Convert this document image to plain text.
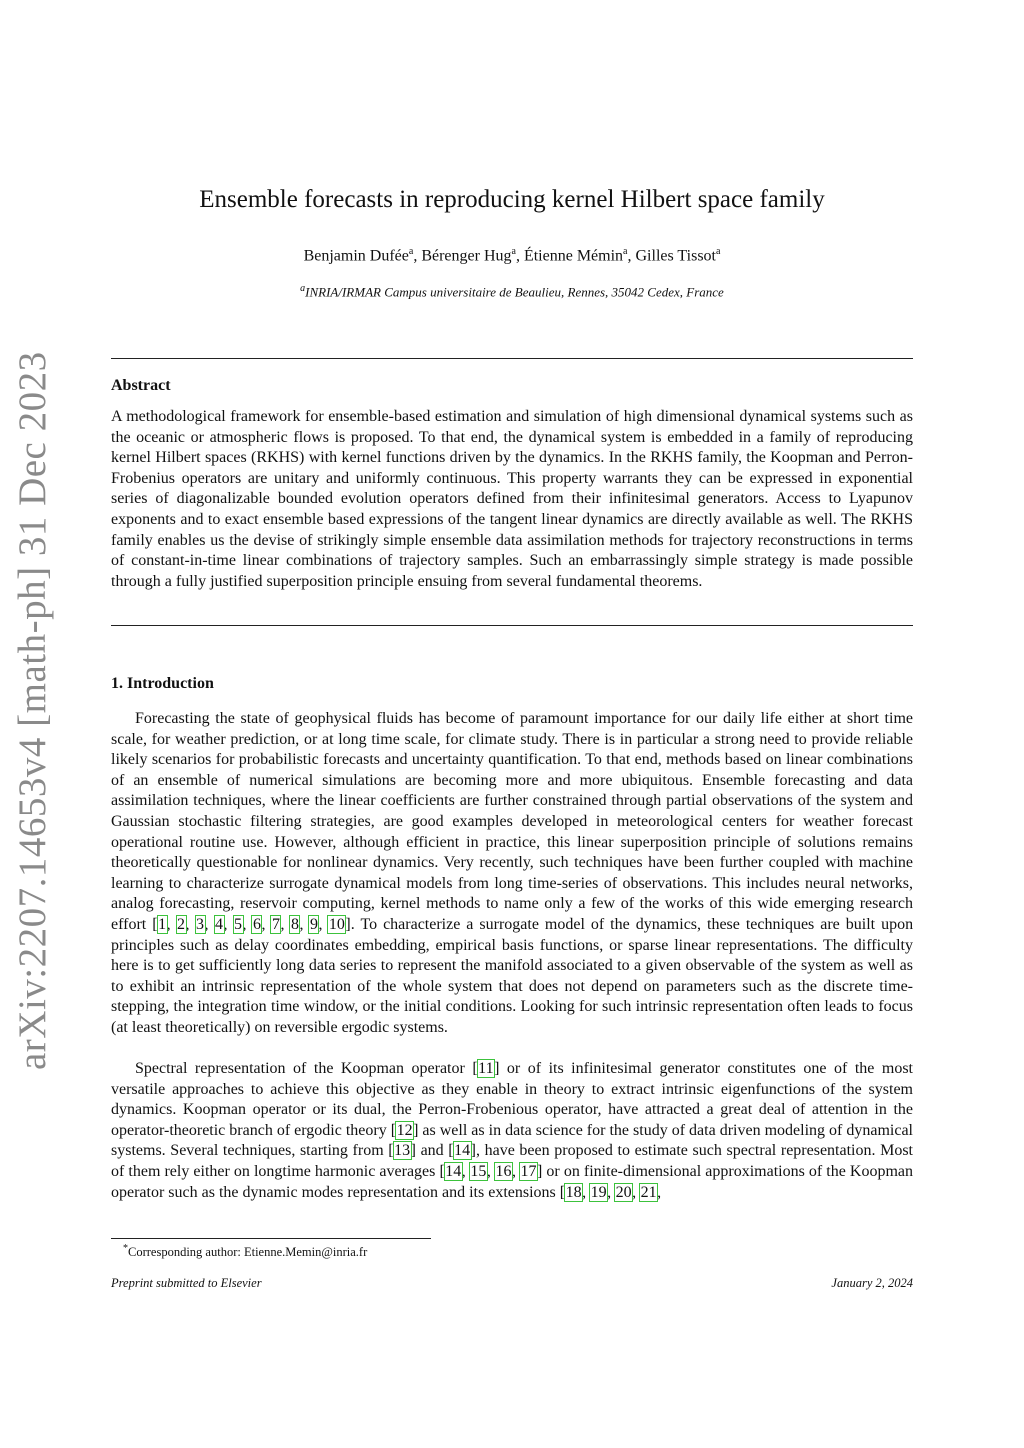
arXiv:2207.14653v4 [math-ph] 31 Dec 2023
Ensemble forecasts in reproducing kernel Hilbert space family
Benjamin Dufée$^a$, Bérenger Hug$^a$, Étienne Mémin$^a$, Gilles Tissot$^a$
$^a$INRIA/IRMAR Campus universitaire de Beaulieu, Rennes, 35042 Cedex, France
Abstract

A methodological framework for ensemble-based estimation and simulation of high dimensional dynamical systems such as the oceanic or atmospheric flows is proposed. To that end, the dynamical system is embedded in a family of reproducing kernel Hilbert spaces (RKHS) with kernel functions driven by the dynamics. In the RKHS family, the Koopman and Perron-Frobenius operators are unitary and uniformly continuous. This property warrants they can be expressed in exponential series of diagonalizable bounded evolution operators defined from their infinitesimal generators. Access to Lyapunov exponents and to exact ensemble based expressions of the tangent linear dynamics are directly available as well. The RKHS family enables us the devise of strikingly simple ensemble data assimilation methods for trajectory reconstructions in terms of constant-in-time linear combinations of trajectory samples. Such an embarrassingly simple strategy is made possible through a fully justified superposition principle ensuing from several fundamental theorems.

1. Introduction

Forecasting the state of geophysical fluids has become of paramount importance for our daily life either at short time scale, for weather prediction, or at long time scale, for climate study. There is in particular a strong need to provide reliable likely scenarios for probabilistic forecasts and uncertainty quantification. To that end, methods based on linear combinations of an ensemble of numerical simulations are becoming more and more ubiquitous. Ensemble forecasting and data assimilation techniques, where the linear coefficients are further constrained through partial observations of the system and Gaussian stochastic filtering strategies, are good examples developed in meteorological centers for weather forecast operational routine use. However, although efficient in practice, this linear superposition principle of solutions remains theoretically questionable for nonlinear dynamics. Very recently, such techniques have been further coupled with machine learning to characterize surrogate dynamical models from long time-series of observations. This includes neural networks, analog forecasting, reservoir computing, kernel methods to name only a few of the works of this wide emerging research effort [1, 2, 3, 4, 5, 6, 7, 8, 9, 10]. To characterize a surrogate model of the dynamics, these techniques are built upon principles such as delay coordinates embedding, empirical basis functions, or sparse linear representations. The difficulty here is to get sufficiently long data series to represent the manifold associated to a given observable of the system as well as to exhibit an intrinsic representation of the whole system that does not depend on parameters such as the discrete time-stepping, the integration time window, or the initial conditions. Looking for such intrinsic representation often leads to focus (at least theoretically) on reversible ergodic systems.

Spectral representation of the Koopman operator [11] or of its infinitesimal generator constitutes one of the most versatile approaches to achieve this objective as they enable in theory to extract intrinsic eigenfunctions of the system dynamics. Koopman operator or its dual, the Perron-Frobenious operator, have attracted a great deal of attention in the operator-theoretic branch of ergodic theory [12] as well as in data science for the study of data driven modeling of dynamical systems. Several techniques, starting from [13] and [14], have been proposed to estimate such spectral representation. Most of them rely either on longtime harmonic averages [14, 15, 16, 17] or on finite-dimensional approximations of the Koopman operator such as the dynamic modes representation and its extensions [18, 19, 20, 21,

*Corresponding author: Etienne.Memin@inria.fr
Preprint submitted to Elsevier	January 2, 2024
